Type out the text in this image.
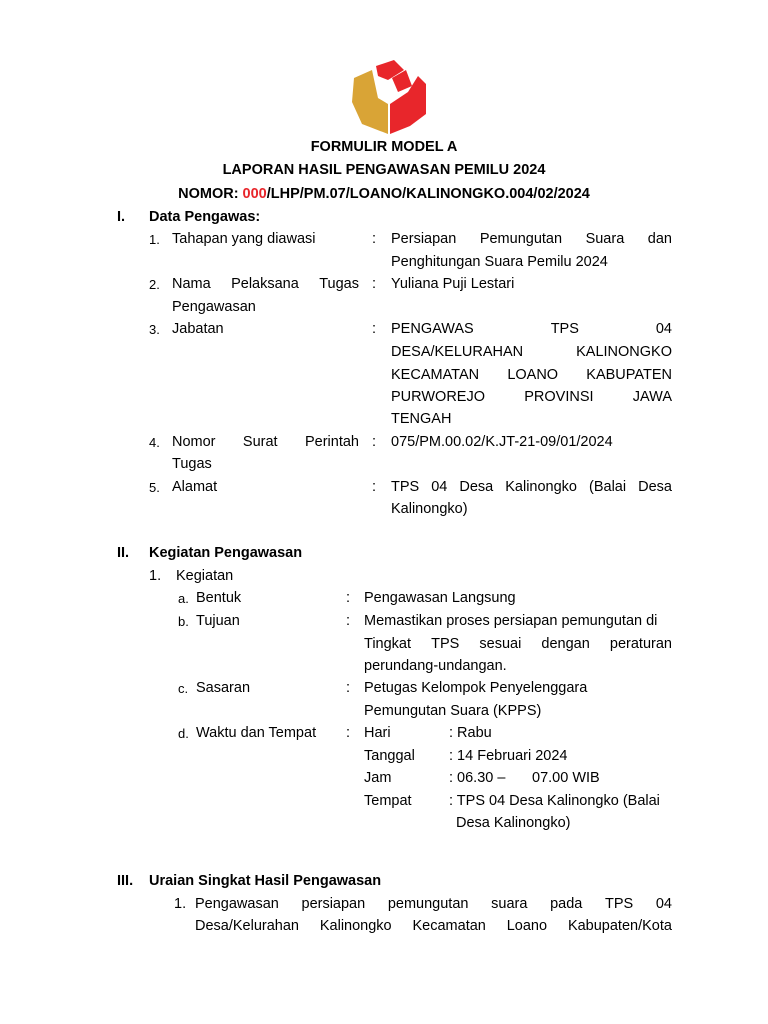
FORMULIR MODEL A
LAPORAN HASIL PENGAWASAN PEMILU 2024
NOMOR: 000/LHP/PM.07/LOANO/KALINONGKO.004/02/2024
I. Data Pengawas:
1. Tahapan yang diawasi	: Persiapan Pemungutan Suara dan
Penghitungan Suara Pemilu 2024
2. Nama Pelaksana Tugas
Pengawasan
: Yuliana Puji Lestari
3. Jabatan	: PENGAWAS	TPS	04
DESA/KELURAHAN	KALINONGKO
KECAMATAN LOANO KABUPATEN
PURWOREJO	PROVINSI	JAWA
TENGAH
4. Nomor Surat Perintah
Tugas
: 075/PM.00.02/K.JT-21-09/01/2024
5. Alamat	: TPS 04 Desa Kalinongko (Balai Desa
Kalinongko)
II. Kegiatan Pengawasan
1. Kegiatan
a. Bentuk	: Pengawasan Langsung
b. Tujuan	: Memastikan proses persiapan pemungutan di
Tingkat TPS sesuai dengan peraturan
perundang-undangan.
c. Sasaran	: Petugas Kelompok Penyelenggara
Pemungutan Suara (KPPS)
d. Waktu dan Tempat : Hari	: Rabu
Tanggal : 14 Februari 2024
Jam	: 06.30 – 07.00 WIB
Tempat	: TPS 04 Desa Kalinongko (Balai
Desa Kalinongko)
III. Uraian Singkat Hasil Pengawasan
1. Pengawasan persiapan pemungutan suara pada TPS 04
Desa/Kelurahan Kalinongko Kecamatan Loano Kabupaten/Kota
